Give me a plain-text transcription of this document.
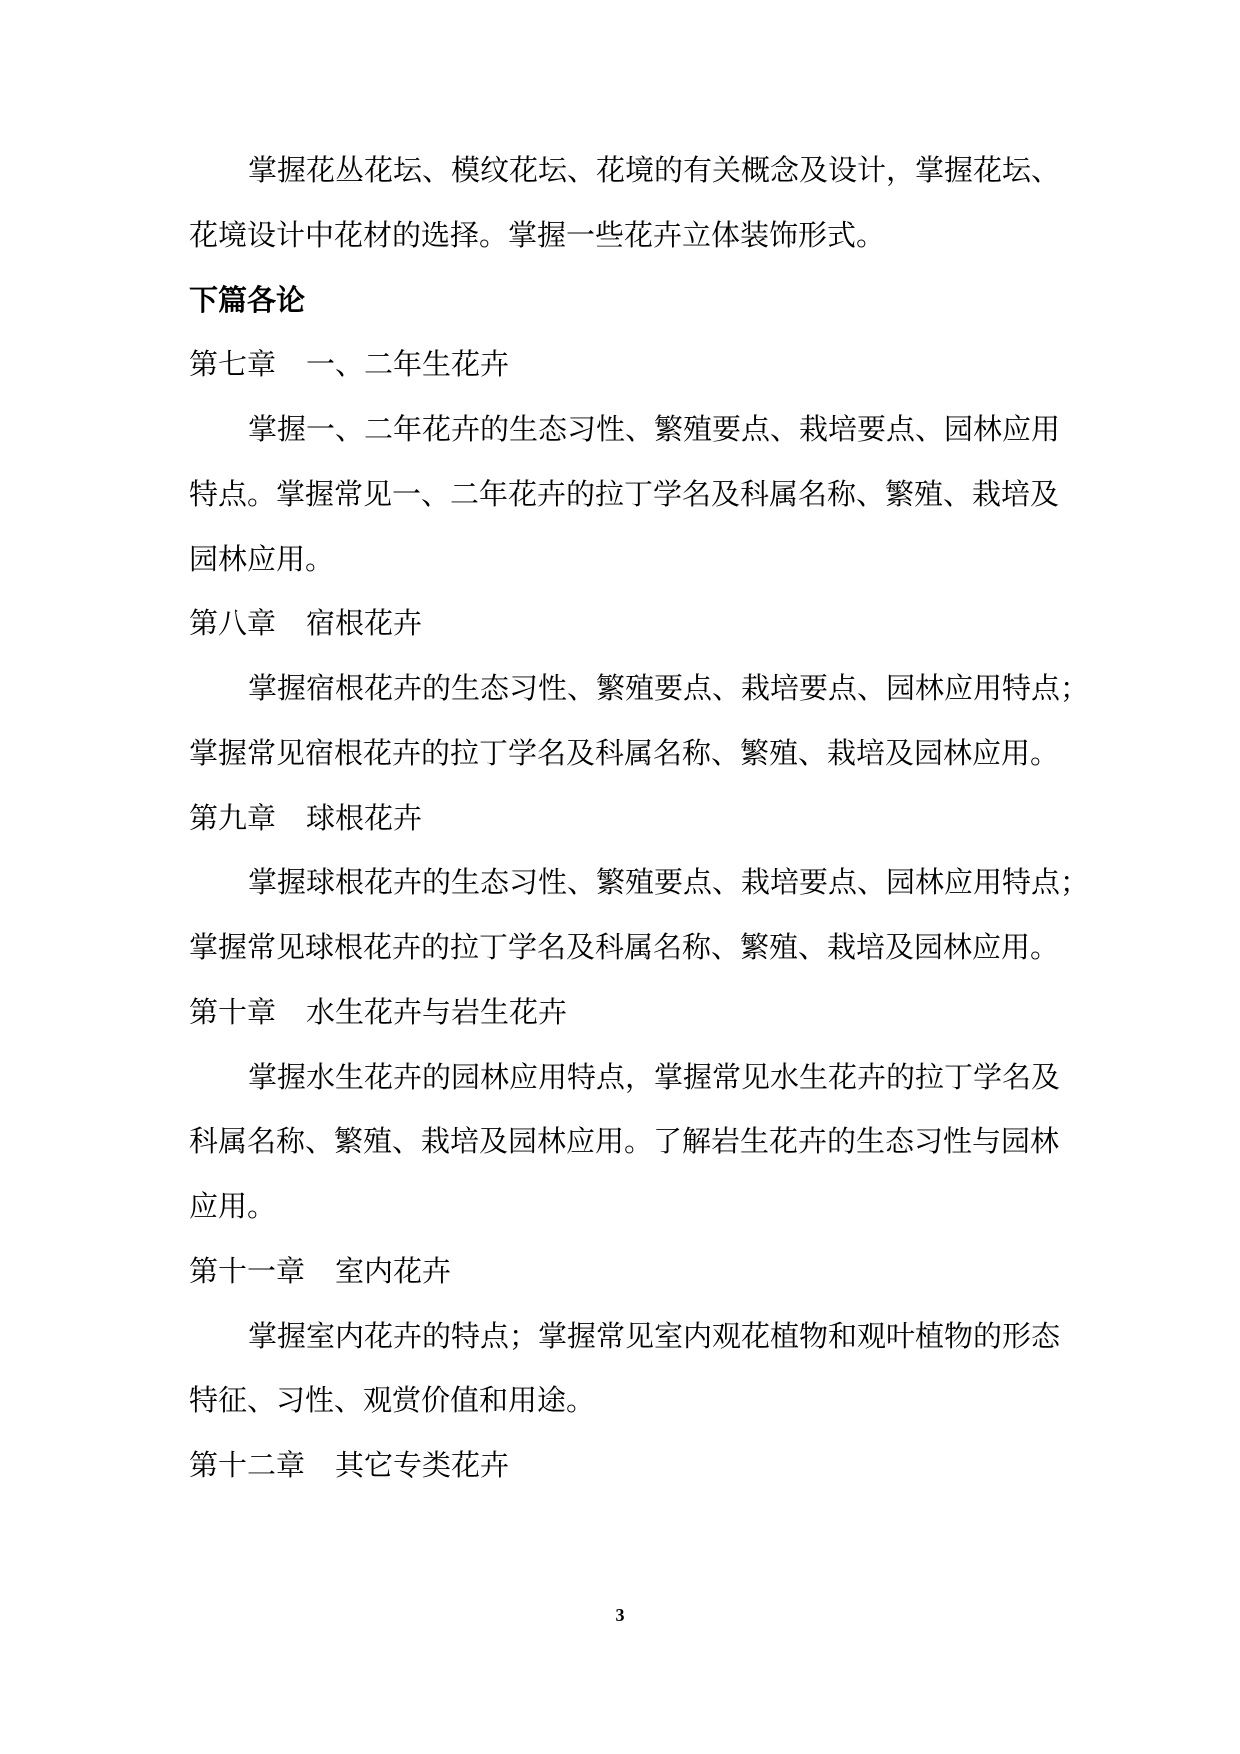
掌握花丛花坛、模纹花坛、花境的有关概念及设计，掌握花坛、
花境设计中花材的选择。掌握一些花卉立体装饰形式。
下篇各论
第七章 一、二年生花卉
掌握一、二年花卉的生态习性、繁殖要点、栽培要点、园林应用
特点。掌握常见一、二年花卉的拉丁学名及科属名称、繁殖、栽培及
园林应用。
第八章 宿根花卉
掌握宿根花卉的生态习性、繁殖要点、栽培要点、园林应用特点；
掌握常见宿根花卉的拉丁学名及科属名称、繁殖、栽培及园林应用。
第九章 球根花卉
掌握球根花卉的生态习性、繁殖要点、栽培要点、园林应用特点；
掌握常见球根花卉的拉丁学名及科属名称、繁殖、栽培及园林应用。
第十章 水生花卉与岩生花卉
掌握水生花卉的园林应用特点，掌握常见水生花卉的拉丁学名及
科属名称、繁殖、栽培及园林应用。了解岩生花卉的生态习性与园林
应用。
第十一章 室内花卉
掌握室内花卉的特点；掌握常见室内观花植物和观叶植物的形态
特征、习性、观赏价值和用途。
第十二章 其它专类花卉
3
